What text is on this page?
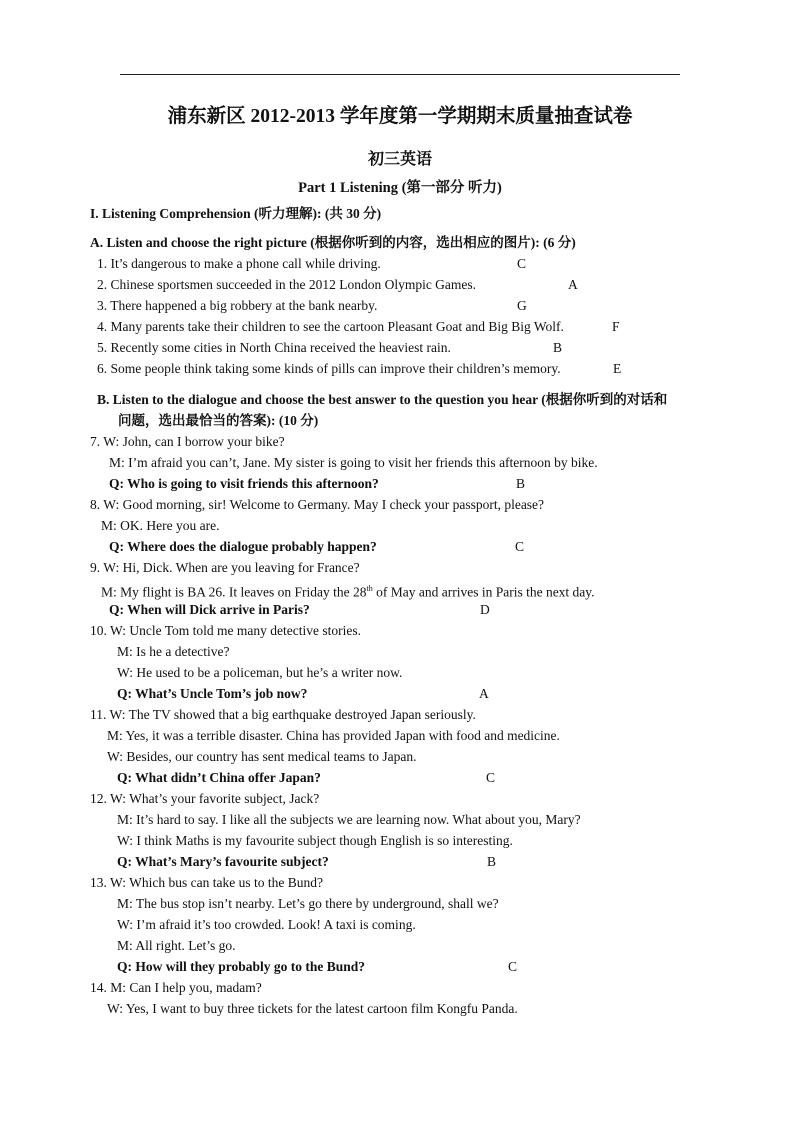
浦东新区 2012-2013 学年度第一学期期末质量抽查试卷
初三英语
Part 1 Listening (第一部分 听力)
I. Listening Comprehension (听力理解): (共 30 分)
A. Listen and choose the right picture (根据你听到的内容，选出相应的图片): (6 分)
1. It’s dangerous to make a phone call while driving.	C
2. Chinese sportsmen succeeded in the 2012 London Olympic Games.	A
3. There happened a big robbery at the bank nearby.	G
4. Many parents take their children to see the cartoon Pleasant Goat and Big Big Wolf.	F
5. Recently some cities in North China received the heaviest rain.	B
6. Some people think taking some kinds of pills can improve their children’s memory.	E
B. Listen to the dialogue and choose the best answer to the question you hear (根据你听到的对话和
问题，选出最恰当的答案): (10 分)
7. W: John, can I borrow your bike?
M: I’m afraid you can’t, Jane. My sister is going to visit her friends this afternoon by bike.
Q: Who is going to visit friends this afternoon?	B
8. W: Good morning, sir! Welcome to Germany. May I check your passport, please?
M: OK. Here you are.
Q: Where does the dialogue probably happen?	C
9. W: Hi, Dick. When are you leaving for France?
M: My flight is BA 26. It leaves on Friday the 28th of May and arrives in Paris the next day.
Q: When will Dick arrive in Paris?	D
10. W: Uncle Tom told me many detective stories.
M: Is he a detective?
W: He used to be a policeman, but he’s a writer now.
Q: What’s Uncle Tom’s job now?	A
11. W: The TV showed that a big earthquake destroyed Japan seriously.
M: Yes, it was a terrible disaster. China has provided Japan with food and medicine.
W: Besides, our country has sent medical teams to Japan.
Q: What didn’t China offer Japan?	C
12. W: What’s your favorite subject, Jack?
M: It’s hard to say. I like all the subjects we are learning now. What about you, Mary?
W: I think Maths is my favourite subject though English is so interesting.
Q: What’s Mary’s favourite subject?	B
13. W: Which bus can take us to the Bund?
M: The bus stop isn’t nearby. Let’s go there by underground, shall we?
W: I’m afraid it’s too crowded. Look! A taxi is coming.
M: All right. Let’s go.
Q: How will they probably go to the Bund?	C
14. M: Can I help you, madam?
W: Yes, I want to buy three tickets for the latest cartoon film Kongfu Panda.
